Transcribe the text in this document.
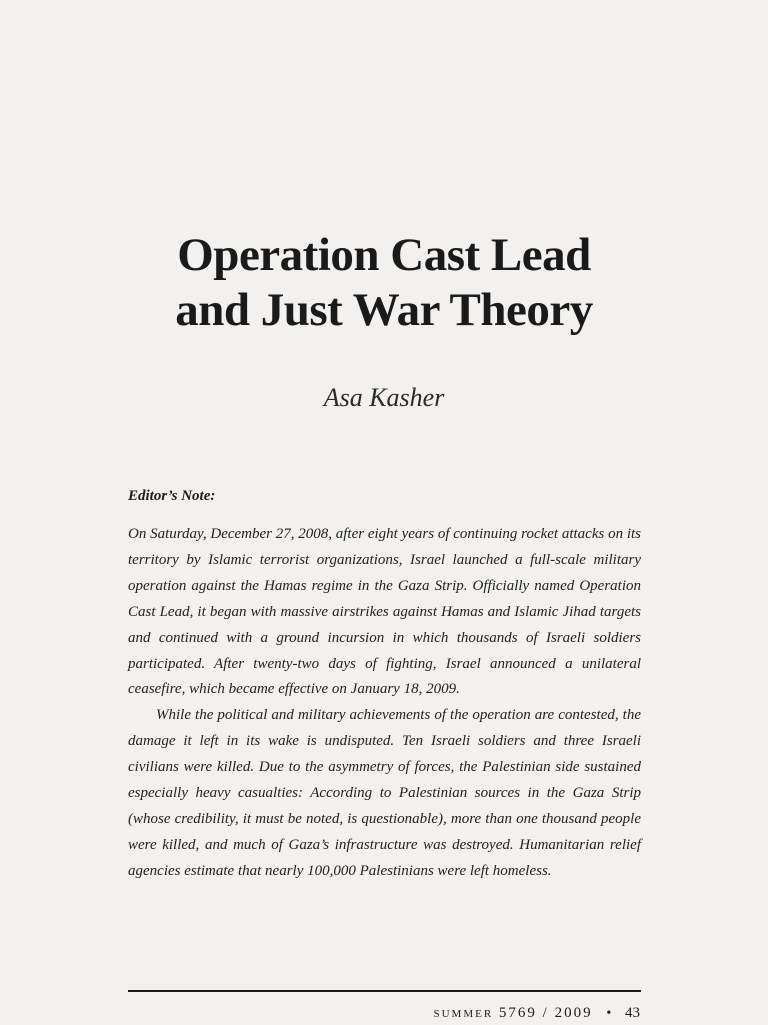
Operation Cast Lead
and Just War Theory
Asa Kasher
Editor’s Note:

On Saturday, December 27, 2008, after eight years of continuing rocket attacks on its territory by Islamic terrorist organizations, Israel launched a full-scale military operation against the Hamas regime in the Gaza Strip. Officially named Operation Cast Lead, it began with massive airstrikes against Hamas and Islamic Jihad targets and continued with a ground incursion in which thousands of Israeli soldiers participated. After twenty-two days of fighting, Israel announced a unilateral ceasefire, which became effective on January 18, 2009.

While the political and military achievements of the operation are contested, the damage it left in its wake is undisputed. Ten Israeli soldiers and three Israeli civilians were killed. Due to the asymmetry of forces, the Palestinian side sustained especially heavy casualties: According to Palestinian sources in the Gaza Strip (whose credibility, it must be noted, is questionable), more than one thousand people were killed, and much of Gaza’s infrastructure was destroyed. Humanitarian relief agencies estimate that nearly 100,000 Palestinians were left homeless.

summer 5769 / 2009 • 43
